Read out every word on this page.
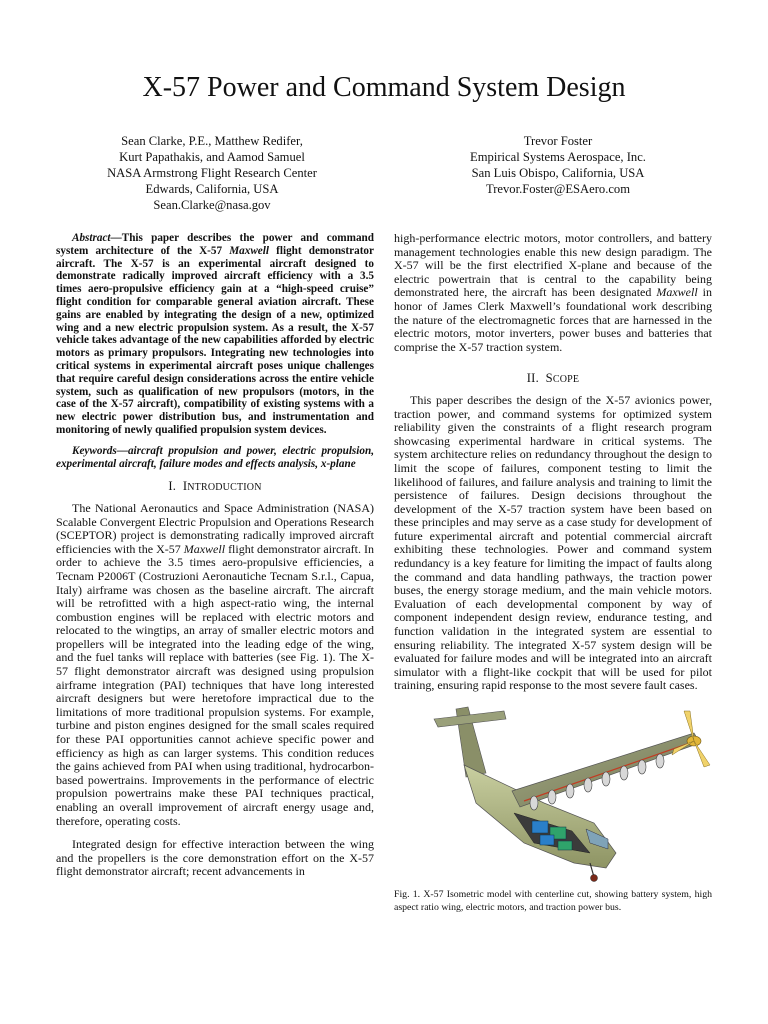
X-57 Power and Command System Design
Sean Clarke, P.E., Matthew Redifer,
Kurt Papathakis, and Aamod Samuel
NASA Armstrong Flight Research Center
Edwards, California, USA
Sean.Clarke@nasa.gov
Trevor Foster
Empirical Systems Aerospace, Inc.
San Luis Obispo, California, USA
Trevor.Foster@ESAero.com

Abstract—This paper describes the power and command system architecture of the X-57 Maxwell flight demonstrator aircraft. The X-57 is an experimental aircraft designed to demonstrate radically improved aircraft efficiency with a 3.5 times aero-propulsive efficiency gain at a “high-speed cruise” flight condition for comparable general aviation aircraft. These gains are enabled by integrating the design of a new, optimized wing and a new electric propulsion system. As a result, the X-57 vehicle takes advantage of the new capabilities afforded by electric motors as primary propulsors. Integrating new technologies into critical systems in experimental aircraft poses unique challenges that require careful design considerations across the entire vehicle system, such as qualification of new propulsors (motors, in the case of the X-57 aircraft), compatibility of existing systems with a new electric power distribution bus, and instrumentation and monitoring of newly qualified propulsion system devices.

Keywords—aircraft propulsion and power, electric propulsion, experimental aircraft, failure modes and effects analysis, x-plane

I. INTRODUCTION

The National Aeronautics and Space Administration (NASA) Scalable Convergent Electric Propulsion and Operations Research (SCEPTOR) project is demonstrating radically improved aircraft efficiencies with the X-57 Maxwell flight demonstrator aircraft. In order to achieve the 3.5 times aero-propulsive efficiencies, a Tecnam P2006T (Costruzioni Aeronautiche Tecnam S.r.l., Capua, Italy) airframe was chosen as the baseline aircraft. The aircraft will be retrofitted with a high aspect-ratio wing, the internal combustion engines will be replaced with electric motors and relocated to the wingtips, an array of smaller electric motors and propellers will be integrated into the leading edge of the wing, and the fuel tanks will replace with batteries (see Fig. 1). The X-57 flight demonstrator aircraft was designed using propulsion airframe integration (PAI) techniques that have long interested aircraft designers but were heretofore impractical due to the limitations of more traditional propulsion systems. For example, turbine and piston engines designed for the small scales required for these PAI opportunities cannot achieve specific power and efficiency as high as can larger systems. This condition reduces the gains achieved from PAI when using traditional, hydrocarbon-based powertrains. Improvements in the performance of electric propulsion powertrains make these PAI techniques practical, enabling an overall improvement of aircraft energy usage and, therefore, operating costs.

Integrated design for effective interaction between the wing and the propellers is the core demonstration effort on the X-57 flight demonstrator aircraft; recent advancements in

high-performance electric motors, motor controllers, and battery management technologies enable this new design paradigm. The X-57 will be the first electrified X-plane and because of the electric powertrain that is central to the capability being demonstrated here, the aircraft has been designated Maxwell in honor of James Clerk Maxwell’s foundational work describing the nature of the electromagnetic forces that are harnessed in the electric motors, motor inverters, power buses and batteries that comprise the X-57 traction system.

II. SCOPE

This paper describes the design of the X-57 avionics power, traction power, and command systems for optimized system reliability given the constraints of a flight research program showcasing experimental hardware in critical systems. The system architecture relies on redundancy throughout the design to limit the scope of failures, component testing to limit the likelihood of failures, and failure analysis and training to limit the persistence of failures. Design decisions throughout the development of the X-57 traction system have been based on these principles and may serve as a case study for development of future experimental aircraft and potential commercial aircraft exhibiting these technologies. Power and command system redundancy is a key feature for limiting the impact of faults along the command and data handling pathways, the traction power buses, the energy storage medium, and the main vehicle motors. Evaluation of each developmental component by way of component independent design review, endurance testing, and function validation in the integrated system are essential to ensuring reliability. The integrated X-57 system design will be evaluated for failure modes and will be integrated into an aircraft simulator with a flight-like cockpit that will be used for pilot training, ensuring rapid response to the most severe fault cases.

Fig. 1. X-57 Isometric model with centerline cut, showing battery system, high aspect ratio wing, electric motors, and traction power bus.
